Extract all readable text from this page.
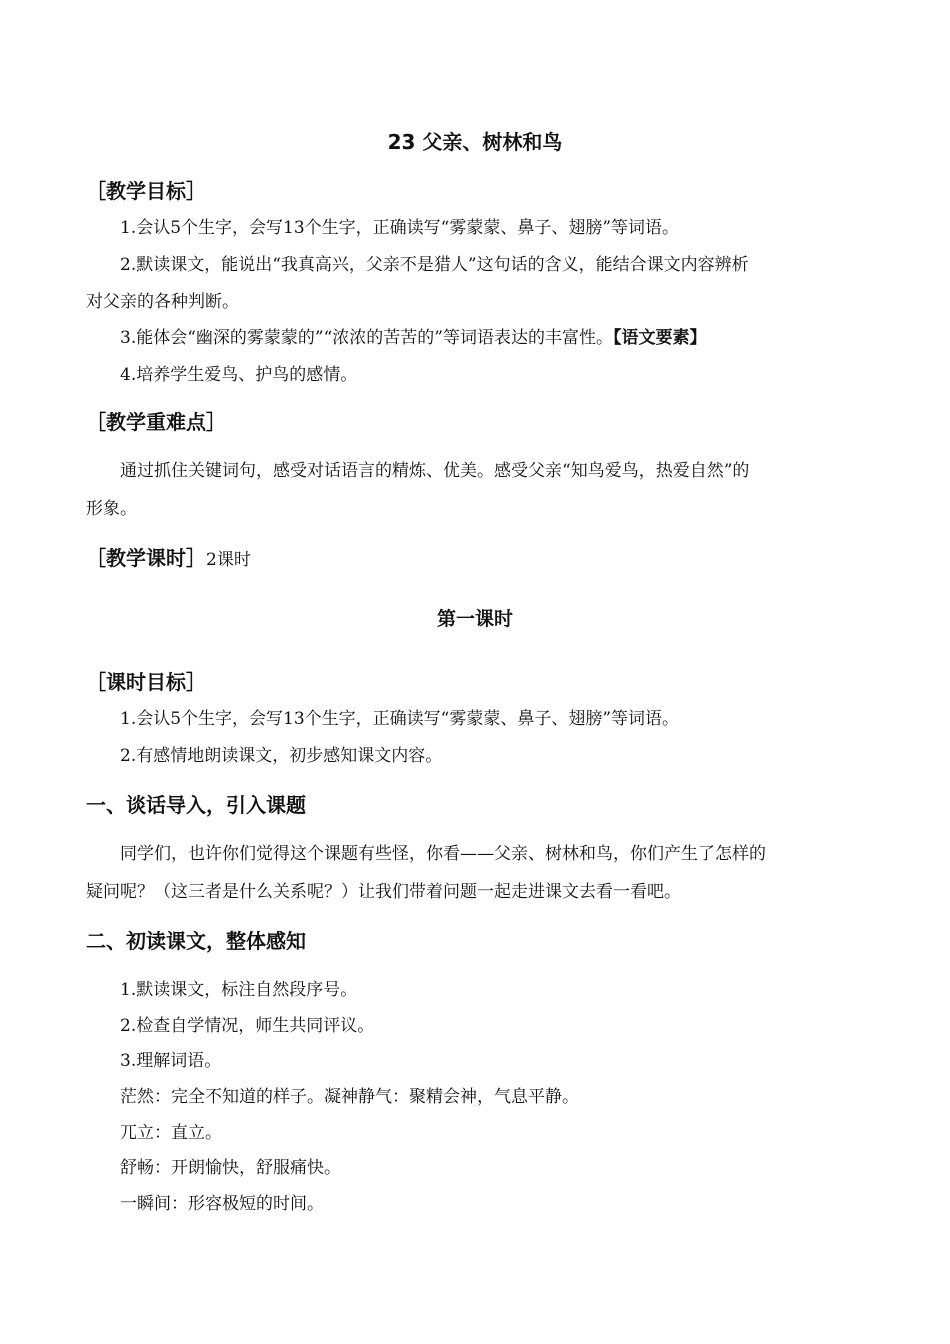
23 父亲、树林和鸟
［教学目标］
1.会认5个生字，会写13个生字，正确读写“雾蒙蒙、鼻子、翅膀”等词语。
2.默读课文，能说出“我真高兴，父亲不是猎人”这句话的含义，能结合课文内容辨析
对父亲的各种判断。
3.能体会“幽深的雾蒙蒙的”“浓浓的苦苦的”等词语表达的丰富性。【语文要素】
4.培养学生爱鸟、护鸟的感情。
［教学重难点］
通过抓住关键词句，感受对话语言的精炼、优美。感受父亲“知鸟爱鸟，热爱自然”的
形象。
［教学课时］2课时
第一课时
［课时目标］
1.会认5个生字，会写13个生字，正确读写“雾蒙蒙、鼻子、翅膀”等词语。
2.有感情地朗读课文，初步感知课文内容。
一、谈话导入，引入课题
同学们，也许你们觉得这个课题有些怪，你看——父亲、树林和鸟，你们产生了怎样的
疑问呢？（这三者是什么关系呢？）让我们带着问题一起走进课文去看一看吧。
二、初读课文，整体感知
1.默读课文，标注自然段序号。
2.检查自学情况，师生共同评议。
3.理解词语。
茫然：完全不知道的样子。凝神静气：聚精会神，气息平静。
兀立：直立。
舒畅：开朗愉快，舒服痛快。
一瞬间：形容极短的时间。
